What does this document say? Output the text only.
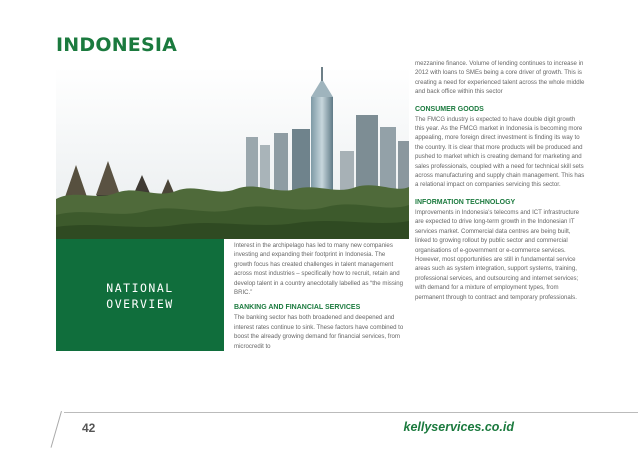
INDONESIA

NATIONAL
OVERVIEW

Interest in the archipelago has led to many new companies investing and expanding their footprint in Indonesia. The growth focus has created challenges in talent management across most industries – specifically how to recruit, retain and develop talent in a country anecdotally labelled as “the missing BRIC.”

BANKING AND FINANCIAL SERVICES

The banking sector has both broadened and deepened and interest rates continue to sink. These factors have combined to boost the already growing demand for financial services, from microcredit to

mezzanine finance. Volume of lending continues to increase in 2012 with loans to SMEs being a core driver of growth. This is creating a need for experienced talent across the whole middle and back office within this sector

CONSUMER GOODS

The FMCG industry is expected to have double digit growth this year. As the FMCG market in Indonesia is becoming more appealing, more foreign direct investment is finding its way to the country. It is clear that more products will be produced and pushed to market which is creating demand for marketing and sales professionals, coupled with a need for technical skill sets across manufacturing and supply chain management. This has a relational impact on companies servicing this sector.

INFORMATION TECHNOLOGY

Improvements in Indonesia’s telecoms and ICT infrastructure are expected to drive long-term growth in the Indonesian IT services market. Commercial data centres are being built, linked to growing rollout by public sector and commercial organisations of e-government or e-commerce services. However, most opportunities are still in fundamental service areas such as system integration, support systems, training, professional services, and outsourcing and internet services; with demand for a mixture of employment types, from permanent through to contract and temporary professionals.

42	kellyservices.co.id
